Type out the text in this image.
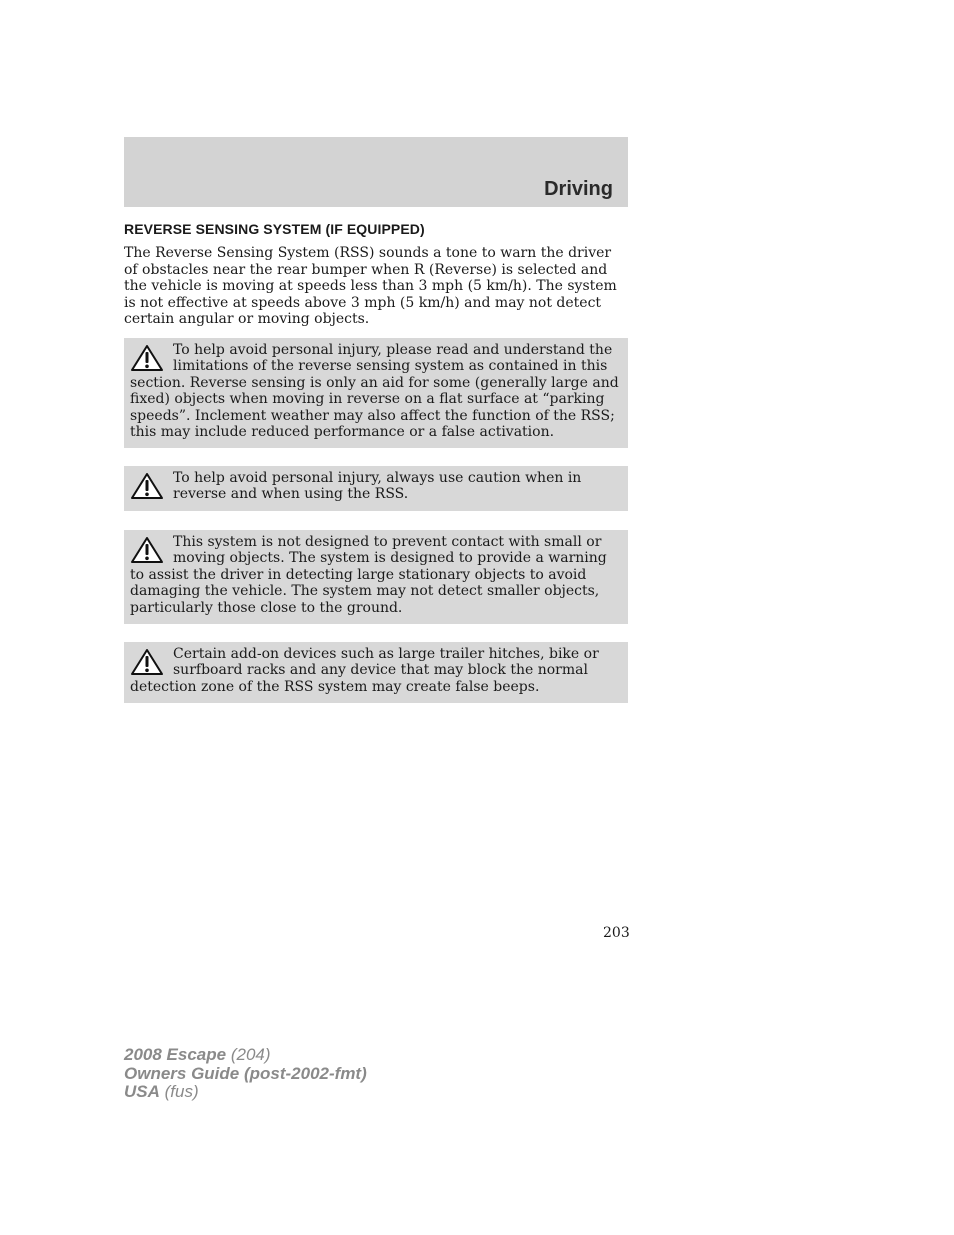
Driving
REVERSE SENSING SYSTEM (IF EQUIPPED)

The Reverse Sensing System (RSS) sounds a tone to warn the driver of obstacles near the rear bumper when R (Reverse) is selected and the vehicle is moving at speeds less than 3 mph (5 km/h). The system is not effective at speeds above 3 mph (5 km/h) and may not detect certain angular or moving objects.

To help avoid personal injury, please read and understand the limitations of the reverse sensing system as contained in this section. Reverse sensing is only an aid for some (generally large and fixed) objects when moving in reverse on a flat surface at “parking speeds”. Inclement weather may also affect the function of the RSS; this may include reduced performance or a false activation.

To help avoid personal injury, always use caution when in reverse and when using the RSS.

This system is not designed to prevent contact with small or moving objects. The system is designed to provide a warning to assist the driver in detecting large stationary objects to avoid damaging the vehicle. The system may not detect smaller objects, particularly those close to the ground.

Certain add-on devices such as large trailer hitches, bike or surfboard racks and any device that may block the normal detection zone of the RSS system may create false beeps.

203
2008 Escape (204)
Owners Guide (post-2002-fmt)
USA (fus)
